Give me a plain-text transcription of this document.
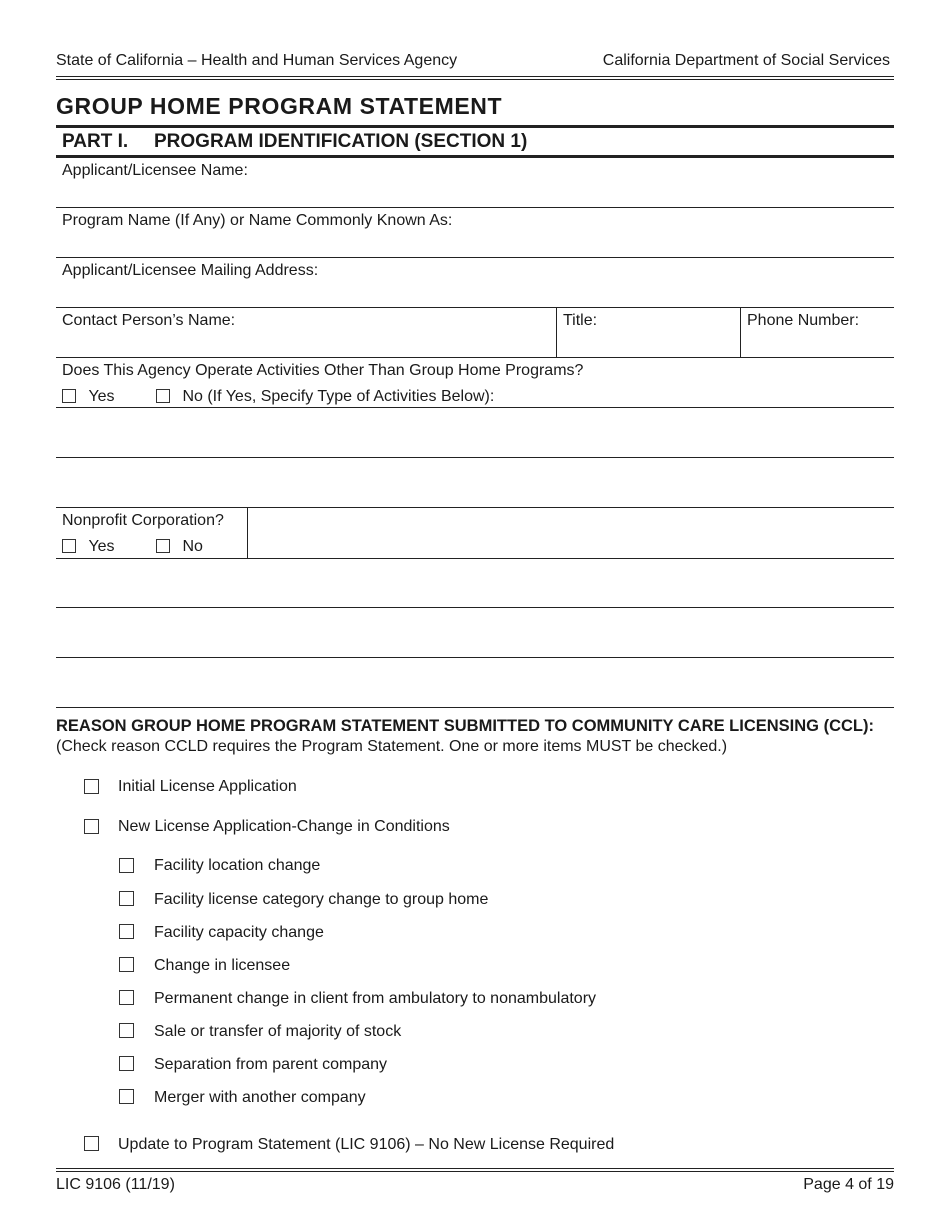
State of California – Health and Human Services Agency	California Department of Social Services
GROUP HOME PROGRAM STATEMENT
PART I. PROGRAM IDENTIFICATION (SECTION 1)
Applicant/Licensee Name:
Program Name (If Any) or Name Commonly Known As:
Applicant/Licensee Mailing Address:
Contact Person’s Name:	Title:	Phone Number:
Does This Agency Operate Activities Other Than Group Home Programs?
Yes	No (If Yes, Specify Type of Activities Below):
Nonprofit Corporation?
Yes	No
REASON GROUP HOME PROGRAM STATEMENT SUBMITTED TO COMMUNITY CARE LICENSING (CCL):
(Check reason CCLD requires the Program Statement. One or more items MUST be checked.)
Initial License Application
New License Application-Change in Conditions
Facility location change
Facility license category change to group home
Facility capacity change
Change in licensee
Permanent change in client from ambulatory to nonambulatory
Sale or transfer of majority of stock
Separation from parent company
Merger with another company
Update to Program Statement (LIC 9106) – No New License Required
LIC 9106 (11/19)	Page 4 of 19
